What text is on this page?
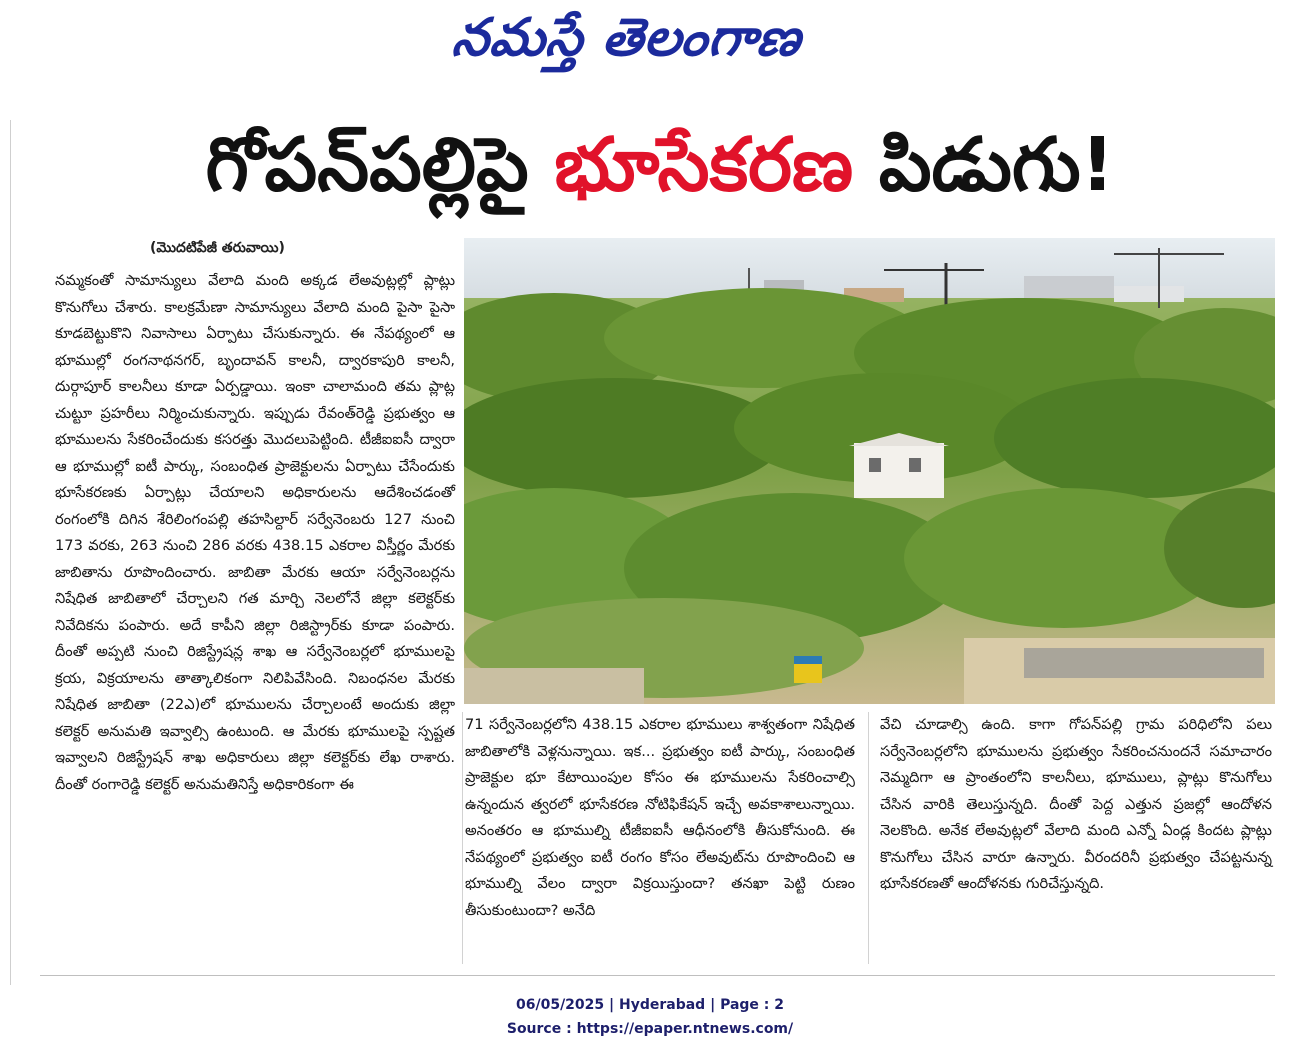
నమస్తే తెలంగాణ
గోపన్‌పల్లిపై భూసేకరణ పిడుగు!
(మొదటిపేజీ తరువాయి)

నమ్మకంతో సామాన్యులు వేలాది మంది అక్కడ లేఅవుట్లల్లో ప్లాట్లు కొనుగోలు చేశారు. కాలక్రమేణా సామాన్యులు వేలాది మంది పైసా పైసా కూడబెట్టుకొని నివాసాలు ఏర్పాటు చేసుకున్నారు. ఈ నేపథ్యంలో ఆ భూముల్లో రంగనాథనగర్, బృందావన్ కాలనీ, ద్వారకాపురి కాలనీ, దుర్గాపూర్ కాలనీలు కూడా ఏర్పడ్డాయి. ఇంకా చాలామంది తమ ప్లాట్ల చుట్టూ ప్రహరీలు నిర్మించుకున్నారు. ఇప్పుడు రేవంత్‌రెడ్డి ప్రభుత్వం ఆ భూములను సేకరించేందుకు కసరత్తు మొదలుపెట్టింది. టీజీఐఐసీ ద్వారా ఆ భూముల్లో ఐటీ పార్కు, సంబంధిత ప్రాజెక్టులను ఏర్పాటు చేసేందుకు భూసేకరణకు ఏర్పాట్లు చేయాలని అధికారులను ఆదేశించడంతో రంగంలోకి దిగిన శేరిలింగంపల్లి తహసిల్దార్ సర్వేనెంబరు 127 నుంచి 173 వరకు, 263 నుంచి 286 వరకు 438.15 ఎకరాల విస్తీర్ణం మేరకు జాబితాను రూపొందించారు. జాబితా మేరకు ఆయా సర్వేనెంబర్లను నిషేధిత జాబితాలో చేర్చాలని గత మార్చి నెలలోనే జిల్లా కలెక్టర్‌కు నివేదికను పంపారు. అదే కాపీని జిల్లా రిజిస్ట్రార్‌కు కూడా పంపారు. దీంతో అప్పటి నుంచి రిజిస్ట్రేషన్ల శాఖ ఆ సర్వేనెంబర్లలో భూములపై క్రయ, విక్రయాలను తాత్కాలికంగా నిలిపివేసింది. నిబంధనల మేరకు నిషేధిత జాబితా (22ఎ)లో భూములను చేర్చాలంటే అందుకు జిల్లా కలెక్టర్ అనుమతి ఇవ్వాల్సి ఉంటుంది. ఆ మేరకు భూములపై స్పష్టత ఇవ్వాలని రిజిస్ట్రేషన్ శాఖ అధికారులు జిల్లా కలెక్టర్‌కు లేఖ రాశారు. దీంతో రంగారెడ్డి కలెక్టర్ అనుమతినిస్తే అధికారికంగా ఈ

71 సర్వేనెంబర్లలోని 438.15 ఎకరాల భూములు శాశ్వతంగా నిషేధిత జాబితాలోకి వెళ్లనున్నాయి. ఇక... ప్రభుత్వం ఐటీ పార్కు, సంబంధిత ప్రాజెక్టుల భూ కేటాయింపుల కోసం ఈ భూములను సేకరించాల్సి ఉన్నందున త్వరలో భూసేకరణ నోటిఫికేషన్ ఇచ్చే అవకాశాలున్నాయి. అనంతరం ఆ భూముల్ని టీజీఐఐసీ ఆధీనంలోకి తీసుకోనుంది. ఈ నేపథ్యంలో ప్రభుత్వం ఐటీ రంగం కోసం లేఅవుట్‌ను రూపొందించి ఆ భూముల్ని వేలం ద్వారా విక్రయిస్తుందా? తనఖా పెట్టి రుణం తీసుకుంటుందా? అనేది

వేచి చూడాల్సి ఉంది. కాగా గోపన్‌పల్లి గ్రామ పరిధిలోని పలు సర్వేనెంబర్లలోని భూములను ప్రభుత్వం సేకరించనుందనే సమాచారం నెమ్మదిగా ఆ ప్రాంతంలోని కాలనీలు, భూములు, ప్లాట్లు కొనుగోలు చేసిన వారికి తెలుస్తున్నది. దీంతో పెద్ద ఎత్తున ప్రజల్లో ఆందోళన నెలకొంది. అనేక లేఅవుట్లలో వేలాది మంది ఎన్నో ఏండ్ల కిందట ప్లాట్లు కొనుగోలు చేసిన వారూ ఉన్నారు. వీరందరినీ ప్రభుత్వం చేపట్టనున్న భూసేకరణతో ఆందోళనకు గురిచేస్తున్నది.

06/05/2025 | Hyderabad | Page : 2
Source : https://epaper.ntnews.com/
